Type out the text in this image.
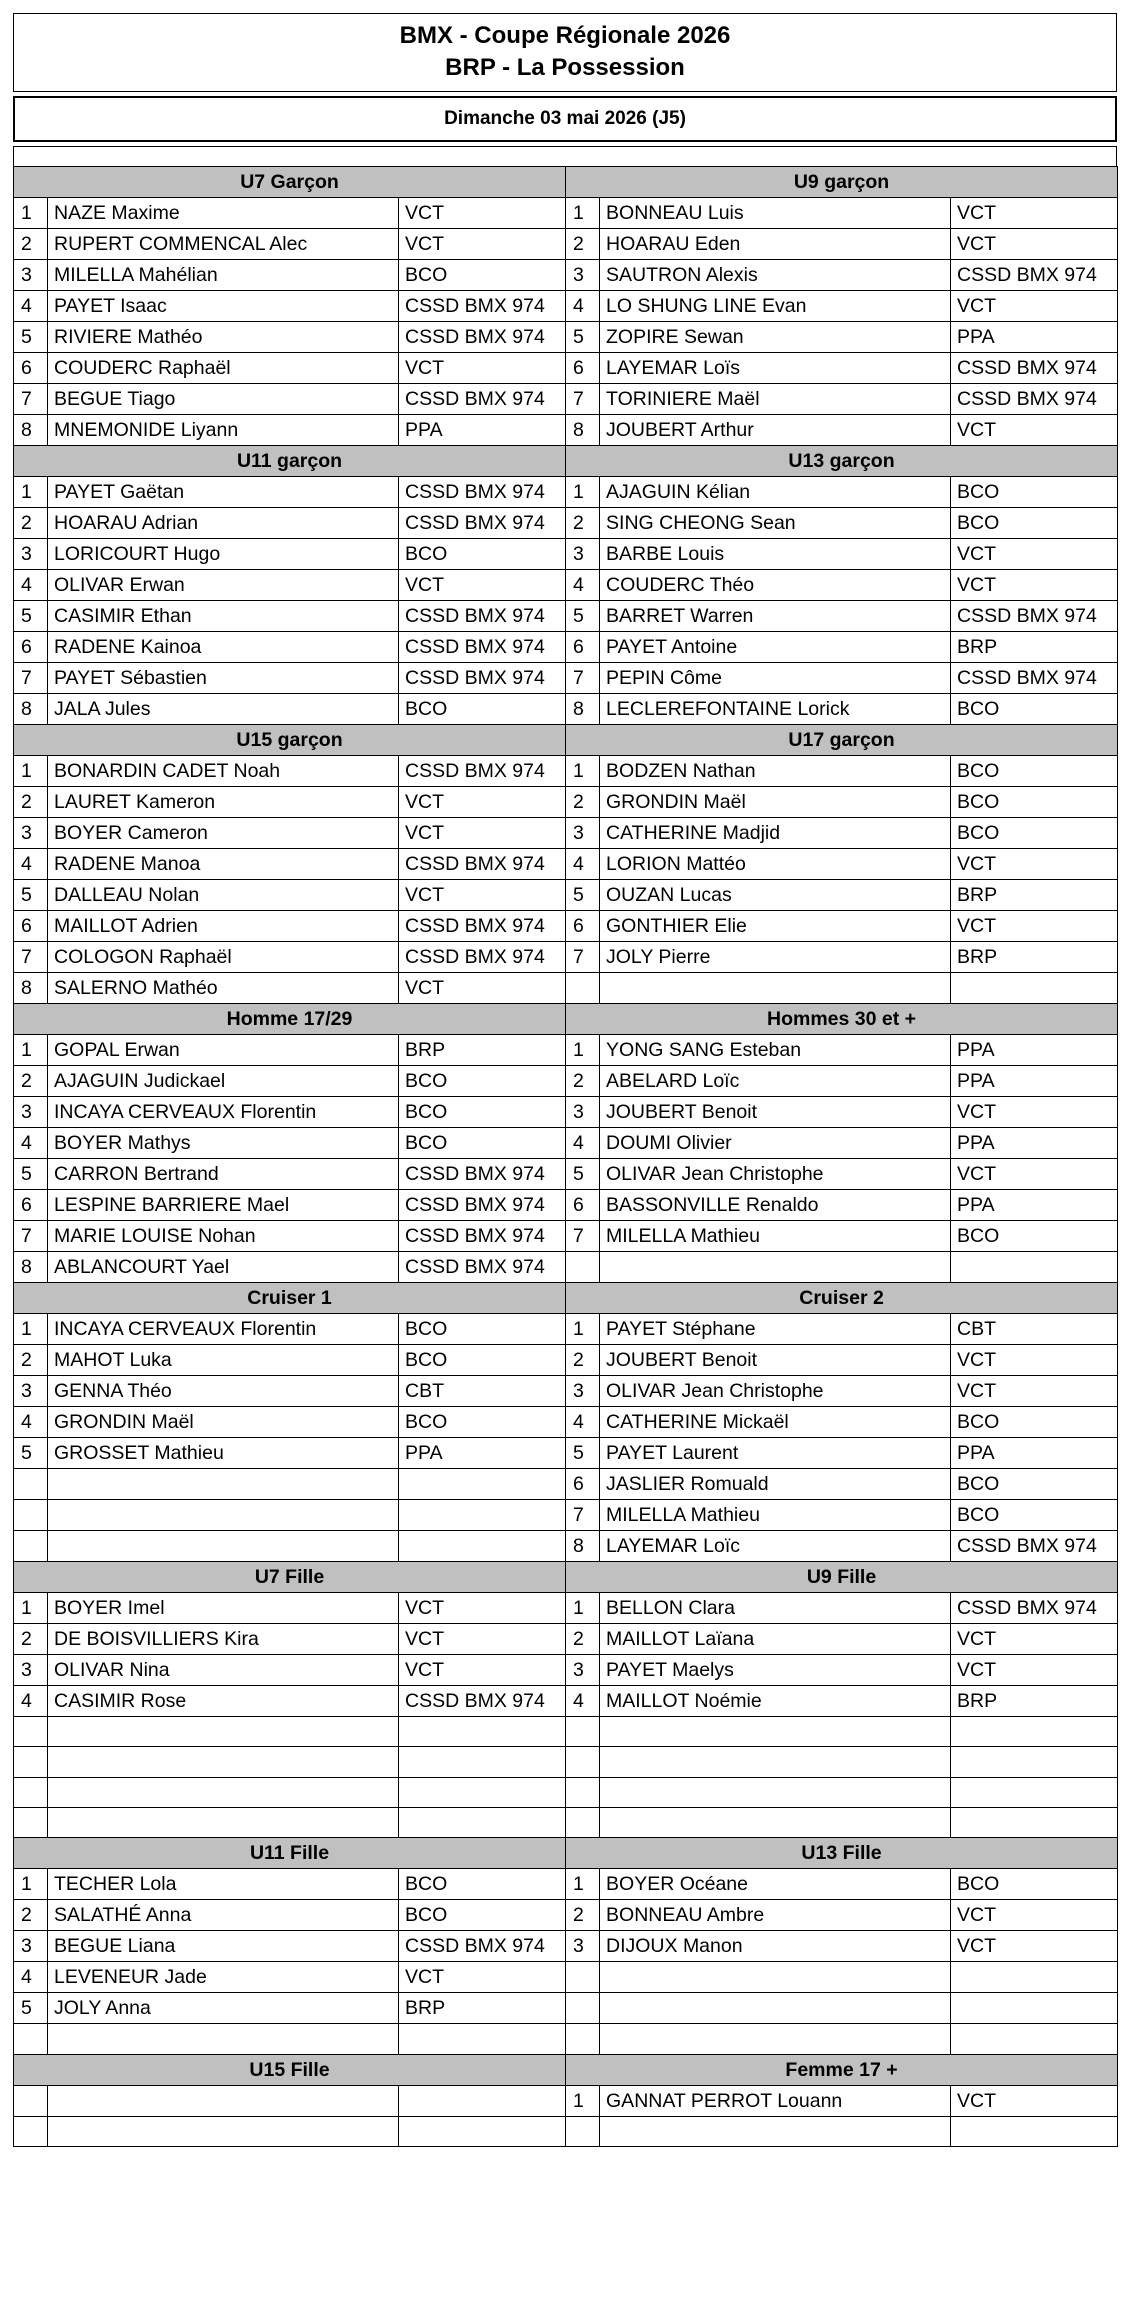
BMX - Coupe Régionale 2026
BRP - La Possession
Dimanche 03 mai 2026 (J5)
U7 Garçon			U9 garçon		
1	NAZE Maxime	VCT	1	BONNEAU Luis	VCT
2	RUPERT COMMENCAL Alec	VCT	2	HOARAU Eden	VCT
3	MILELLA Mahélian	BCO	3	SAUTRON Alexis	CSSD BMX 974
4	PAYET Isaac	CSSD BMX 974	4	LO SHUNG LINE Evan	VCT
5	RIVIERE Mathéo	CSSD BMX 974	5	ZOPIRE Sewan	PPA
6	COUDERC Raphaël	VCT	6	LAYEMAR Loïs	CSSD BMX 974
7	BEGUE Tiago	CSSD BMX 974	7	TORINIERE Maël	CSSD BMX 974
8	MNEMONIDE Liyann	PPA	8	JOUBERT Arthur	VCT
U11 garçon			U13 garçon		
1	PAYET Gaëtan	CSSD BMX 974	1	AJAGUIN Kélian	BCO
2	HOARAU Adrian	CSSD BMX 974	2	SING CHEONG Sean	BCO
3	LORICOURT Hugo	BCO	3	BARBE Louis	VCT
4	OLIVAR Erwan	VCT	4	COUDERC Théo	VCT
5	CASIMIR Ethan	CSSD BMX 974	5	BARRET Warren	CSSD BMX 974
6	RADENE Kainoa	CSSD BMX 974	6	PAYET Antoine	BRP
7	PAYET Sébastien	CSSD BMX 974	7	PEPIN Côme	CSSD BMX 974
8	JALA Jules	BCO	8	LECLEREFONTAINE Lorick	BCO
U15 garçon			U17 garçon		
1	BONARDIN CADET Noah	CSSD BMX 974	1	BODZEN Nathan	BCO
2	LAURET Kameron	VCT	2	GRONDIN Maël	BCO
3	BOYER Cameron	VCT	3	CATHERINE Madjid	BCO
4	RADENE Manoa	CSSD BMX 974	4	LORION Mattéo	VCT
5	DALLEAU Nolan	VCT	5	OUZAN Lucas	BRP
6	MAILLOT Adrien	CSSD BMX 974	6	GONTHIER Elie	VCT
7	COLOGON Raphaël	CSSD BMX 974	7	JOLY Pierre	BRP
8	SALERNO Mathéo	VCT			
Homme 17/29			Hommes 30 et +		
1	GOPAL Erwan	BRP	1	YONG SANG Esteban	PPA
2	AJAGUIN Judickael	BCO	2	ABELARD Loïc	PPA
3	INCAYA CERVEAUX Florentin	BCO	3	JOUBERT Benoit	VCT
4	BOYER Mathys	BCO	4	DOUMI Olivier	PPA
5	CARRON Bertrand	CSSD BMX 974	5	OLIVAR Jean Christophe	VCT
6	LESPINE BARRIERE Mael	CSSD BMX 974	6	BASSONVILLE Renaldo	PPA
7	MARIE LOUISE Nohan	CSSD BMX 974	7	MILELLA Mathieu	BCO
8	ABLANCOURT Yael	CSSD BMX 974			
Cruiser 1			Cruiser 2		
1	INCAYA CERVEAUX Florentin	BCO	1	PAYET Stéphane	CBT
2	MAHOT Luka	BCO	2	JOUBERT Benoit	VCT
3	GENNA Théo	CBT	3	OLIVAR Jean Christophe	VCT
4	GRONDIN Maël	BCO	4	CATHERINE Mickaël	BCO
5	GROSSET Mathieu	PPA	5	PAYET Laurent	PPA
			6	JASLIER Romuald	BCO
			7	MILELLA Mathieu	BCO
			8	LAYEMAR Loïc	CSSD BMX 974
U7 Fille			U9 Fille		
1	BOYER Imel	VCT	1	BELLON Clara	CSSD BMX 974
2	DE BOISVILLIERS Kira	VCT	2	MAILLOT Laïana	VCT
3	OLIVAR Nina	VCT	3	PAYET Maelys	VCT
4	CASIMIR Rose	CSSD BMX 974	4	MAILLOT Noémie	BRP

U11 Fille			U13 Fille		
1	TECHER Lola	BCO	1	BOYER Océane	BCO
2	SALATHÉ Anna	BCO	2	BONNEAU Ambre	VCT
3	BEGUE Liana	CSSD BMX 974	3	DIJOUX Manon	VCT
4	LEVENEUR Jade	VCT			
5	JOLY Anna	BRP			

U15 Fille			Femme 17 +		
			1	GANNAT PERROT Louann	VCT
